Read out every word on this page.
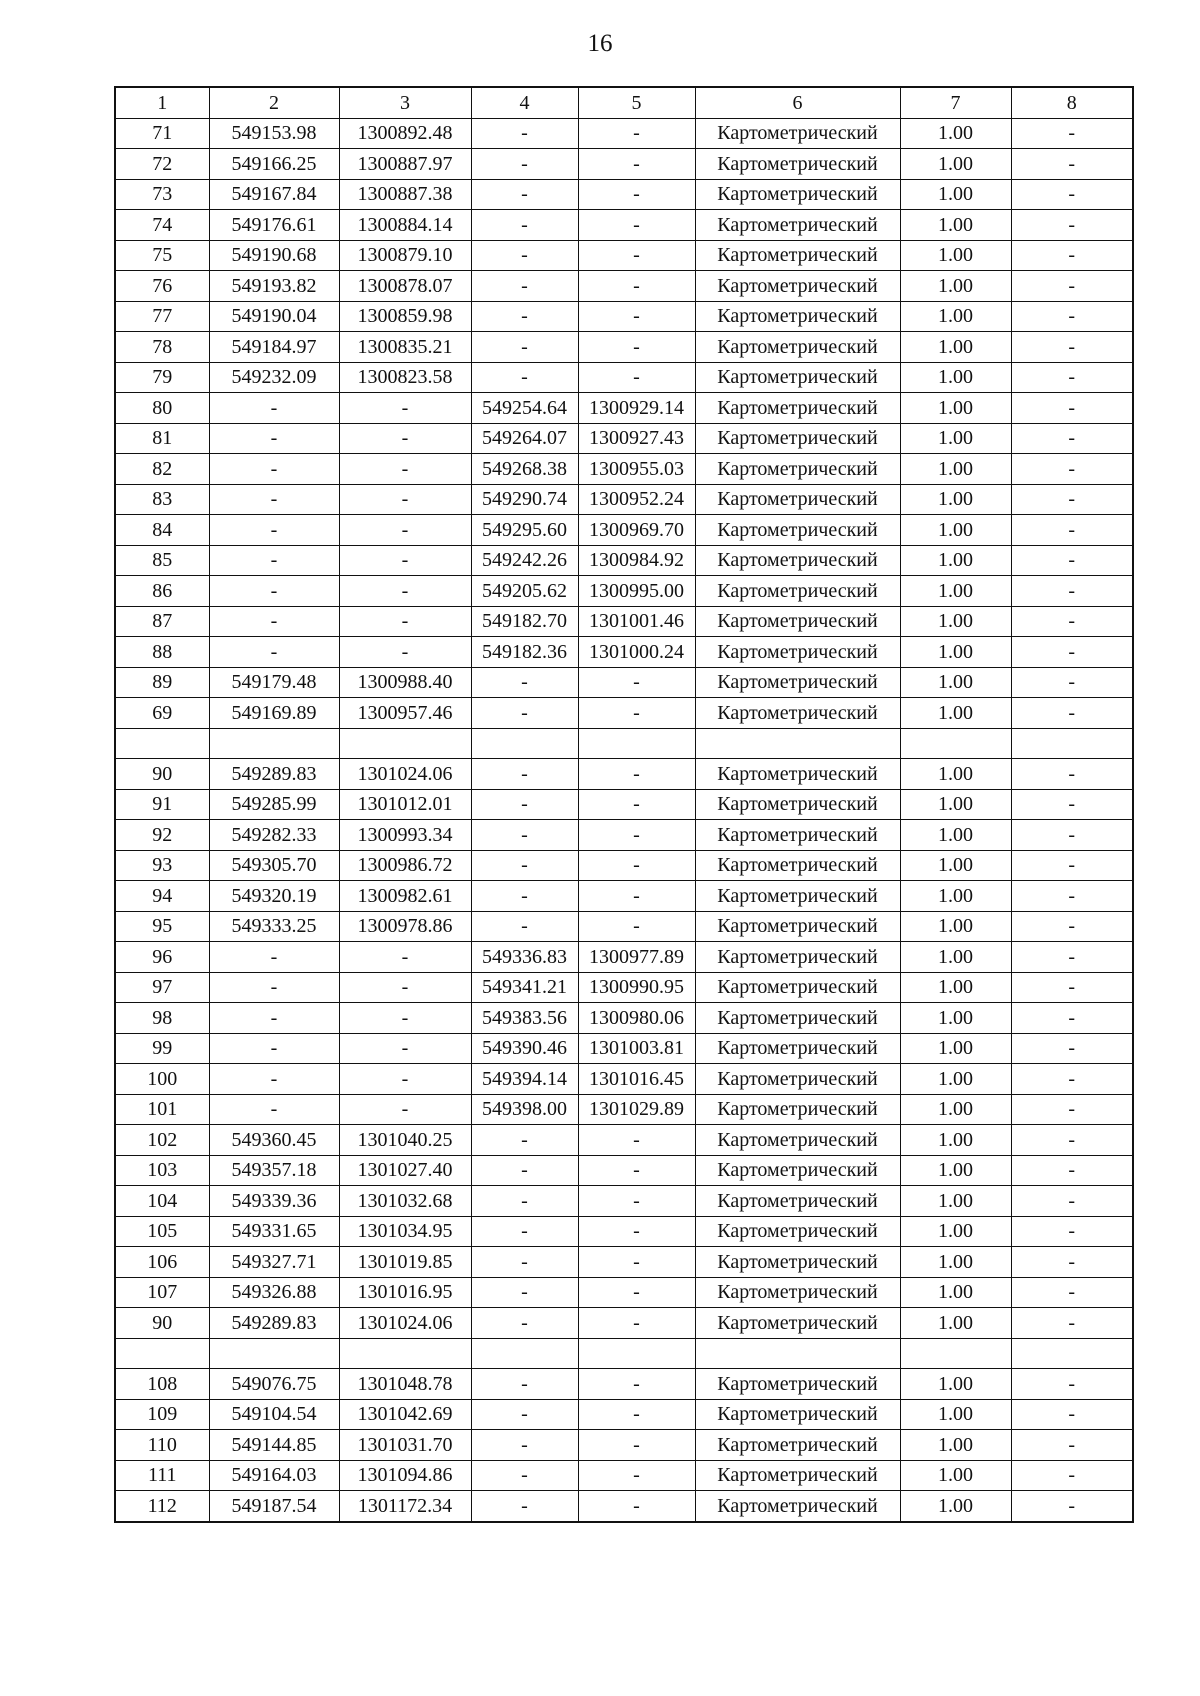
16
1	2	3	4	5	6	7	8
71	549153.98	1300892.48	-	-	Картометрический	1.00	-
72	549166.25	1300887.97	-	-	Картометрический	1.00	-
73	549167.84	1300887.38	-	-	Картометрический	1.00	-
74	549176.61	1300884.14	-	-	Картометрический	1.00	-
75	549190.68	1300879.10	-	-	Картометрический	1.00	-
76	549193.82	1300878.07	-	-	Картометрический	1.00	-
77	549190.04	1300859.98	-	-	Картометрический	1.00	-
78	549184.97	1300835.21	-	-	Картометрический	1.00	-
79	549232.09	1300823.58	-	-	Картометрический	1.00	-
80	-	-	549254.64	1300929.14	Картометрический	1.00	-
81	-	-	549264.07	1300927.43	Картометрический	1.00	-
82	-	-	549268.38	1300955.03	Картометрический	1.00	-
83	-	-	549290.74	1300952.24	Картометрический	1.00	-
84	-	-	549295.60	1300969.70	Картометрический	1.00	-
85	-	-	549242.26	1300984.92	Картометрический	1.00	-
86	-	-	549205.62	1300995.00	Картометрический	1.00	-
87	-	-	549182.70	1301001.46	Картометрический	1.00	-
88	-	-	549182.36	1301000.24	Картометрический	1.00	-
89	549179.48	1300988.40	-	-	Картометрический	1.00	-
69	549169.89	1300957.46	-	-	Картометрический	1.00	-

90	549289.83	1301024.06	-	-	Картометрический	1.00	-
91	549285.99	1301012.01	-	-	Картометрический	1.00	-
92	549282.33	1300993.34	-	-	Картометрический	1.00	-
93	549305.70	1300986.72	-	-	Картометрический	1.00	-
94	549320.19	1300982.61	-	-	Картометрический	1.00	-
95	549333.25	1300978.86	-	-	Картометрический	1.00	-
96	-	-	549336.83	1300977.89	Картометрический	1.00	-
97	-	-	549341.21	1300990.95	Картометрический	1.00	-
98	-	-	549383.56	1300980.06	Картометрический	1.00	-
99	-	-	549390.46	1301003.81	Картометрический	1.00	-
100	-	-	549394.14	1301016.45	Картометрический	1.00	-
101	-	-	549398.00	1301029.89	Картометрический	1.00	-
102	549360.45	1301040.25	-	-	Картометрический	1.00	-
103	549357.18	1301027.40	-	-	Картометрический	1.00	-
104	549339.36	1301032.68	-	-	Картометрический	1.00	-
105	549331.65	1301034.95	-	-	Картометрический	1.00	-
106	549327.71	1301019.85	-	-	Картометрический	1.00	-
107	549326.88	1301016.95	-	-	Картометрический	1.00	-
90	549289.83	1301024.06	-	-	Картометрический	1.00	-

108	549076.75	1301048.78	-	-	Картометрический	1.00	-
109	549104.54	1301042.69	-	-	Картометрический	1.00	-
110	549144.85	1301031.70	-	-	Картометрический	1.00	-
111	549164.03	1301094.86	-	-	Картометрический	1.00	-
112	549187.54	1301172.34	-	-	Картометрический	1.00	-
